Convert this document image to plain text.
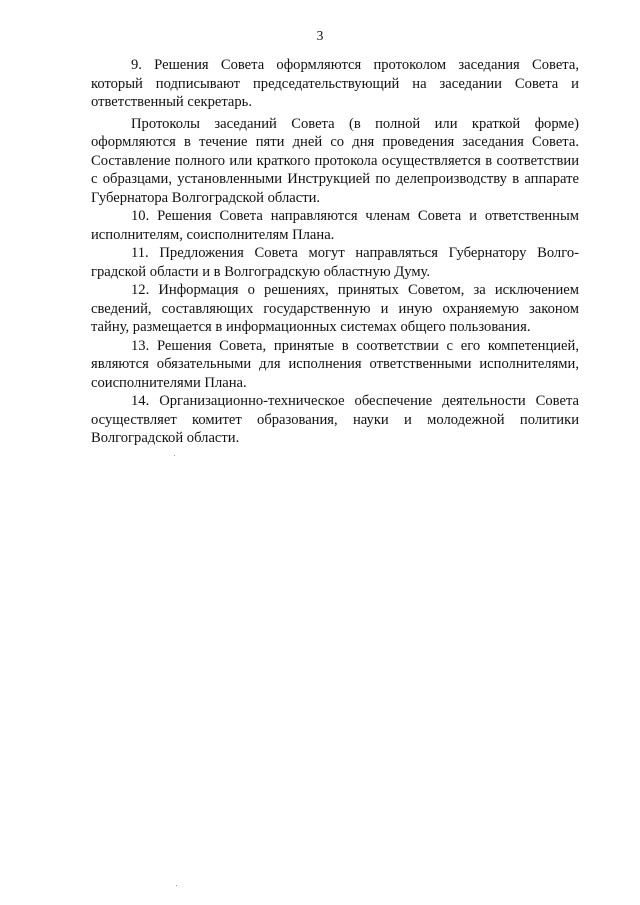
3

9. Решения Совета оформляются протоколом заседания Совета, который подписывают председательствующий на заседании Совета и ответственный секретарь.

Протоколы заседаний Совета (в полной или краткой форме) оформляются в течение пяти дней со дня проведения заседания Совета. Составление полного или краткого протокола осуществляется в соответствии с образцами, установленными Инструкцией по делепроизводству в аппарате Губернатора Волгоградской области.

10. Решения Совета направляются членам Совета и ответственным исполнителям, соисполнителям Плана.

11. Предложения Совета могут направляться Губернатору Волгоградской области и в Волгоградскую областную Думу.

12. Информация о решениях, принятых Советом, за исключением сведений, составляющих государственную и иную охраняемую законом тайну, размещается в информационных системах общего пользования.

13. Решения Совета, принятые в соответствии с его компетенцией, являются обязательными для исполнения ответственными исполнителями, соисполнителями Плана.

14. Организационно-техническое обеспечение деятельности Совета осуществляет комитет образования, науки и молодежной политики Волгоградской области.
